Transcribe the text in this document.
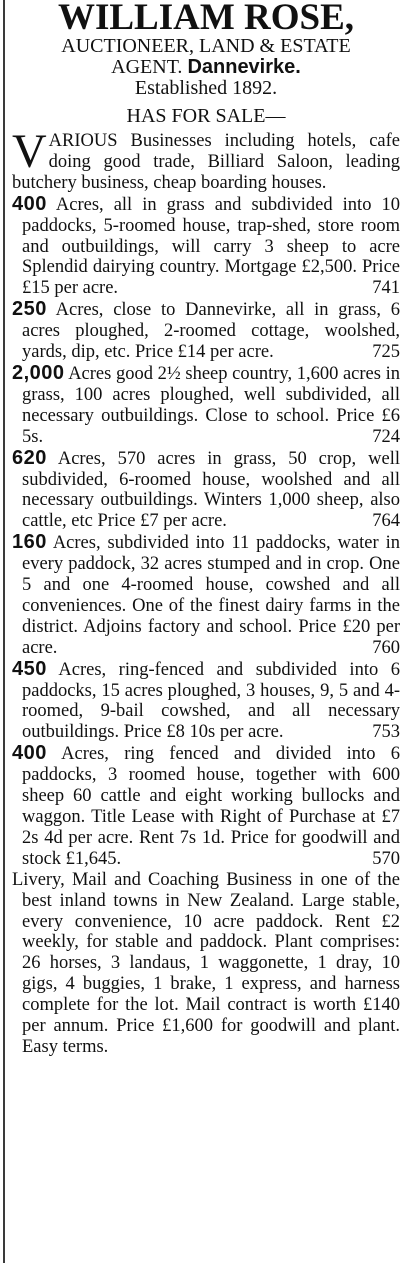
WILLIAM ROSE,
AUCTIONEER, LAND & ESTATE
AGENT. Dannevirke.
Established 1892.
HAS FOR SALE—
V ARIOUS Businesses including hotels, cafe doing good trade, Billiard Saloon, leading butchery business, cheap boarding houses.
400 Acres, all in grass and subdivided into 10 paddocks, 5-roomed house, trap-shed, store room and outbuildings, will carry 3 sheep to acre Splendid dairying country. Mortgage £2,500. Price £15 per acre.	741
250 Acres, close to Dannevirke, all in grass, 6 acres ploughed, 2-roomed cottage, woolshed, yards, dip, etc. Price £14 per acre.	725
2,000 Acres good 2½ sheep country, 1,600 acres in grass, 100 acres ploughed, well subdivided, all necessary outbuildings. Close to school. Price £6 5s.	724
620 Acres, 570 acres in grass, 50 crop, well subdivided, 6-roomed house, woolshed and all necessary outbuildings. Winters 1,000 sheep, also cattle, etc Price £7 per acre.	764
160 Acres, subdivided into 11 paddocks, water in every paddock, 32 acres stumped and in crop. One 5 and one 4-roomed house, cowshed and all conveniences. One of the finest dairy farms in the district. Adjoins factory and school. Price £20 per acre.	760
450 Acres, ring-fenced and subdivided into 6 paddocks, 15 acres ploughed, 3 houses, 9, 5 and 4-roomed, 9-bail cowshed, and all necessary outbuildings. Price £8 10s per acre.	753
400 Acres, ring fenced and divided into 6 paddocks, 3 roomed house, together with 600 sheep 60 cattle and eight working bullocks and waggon. Title Lease with Right of Purchase at £7 2s 4d per acre. Rent 7s 1d. Price for goodwill and stock £1,645.	570
Livery, Mail and Coaching Business in one of the best inland towns in New Zealand. Large stable, every convenience, 10 acre paddock. Rent £2 weekly, for stable and paddock. Plant comprises: 26 horses, 3 landaus, 1 waggonette, 1 dray, 10 gigs, 4 buggies, 1 brake, 1 express, and harness complete for the lot. Mail contract is worth £140 per annum. Price £1,600 for goodwill and plant. Easy terms.
